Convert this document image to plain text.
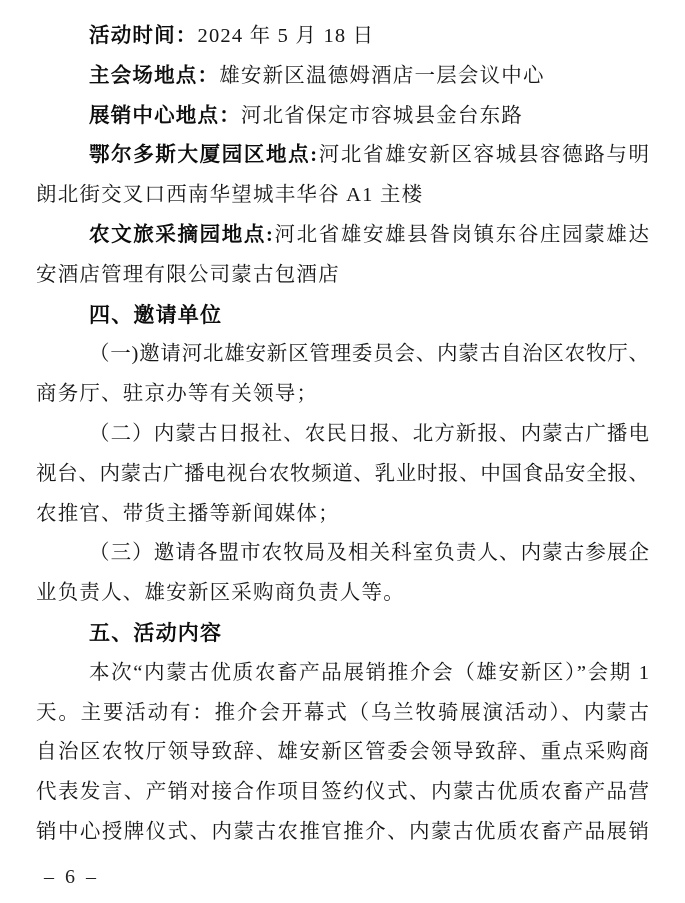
活动时间：2024 年 5 月 18 日
主会场地点：雄安新区温德姆酒店一层会议中心
展销中心地点：河北省保定市容城县金台东路
鄂尔多斯大厦园区地点:河北省雄安新区容城县容德路与明
朗北街交叉口西南华望城丰华谷 A1 主楼
农文旅采摘园地点:河北省雄安雄县昝岗镇东谷庄园蒙雄达
安酒店管理有限公司蒙古包酒店
四、邀请单位
（一)邀请河北雄安新区管理委员会、内蒙古自治区农牧厅、
商务厅、驻京办等有关领导；
（二）内蒙古日报社、农民日报、北方新报、内蒙古广播电
视台、内蒙古广播电视台农牧频道、乳业时报、中国食品安全报、
农推官、带货主播等新闻媒体；
（三）邀请各盟市农牧局及相关科室负责人、内蒙古参展企
业负责人、雄安新区采购商负责人等。
五、活动内容
本次“内蒙古优质农畜产品展销推介会（雄安新区）”会期 1
天。主要活动有：推介会开幕式（乌兰牧骑展演活动）、内蒙古
自治区农牧厅领导致辞、雄安新区管委会领导致辞、重点采购商
代表发言、产销对接合作项目签约仪式、内蒙古优质农畜产品营
销中心授牌仪式、内蒙古农推官推介、内蒙古优质农畜产品展销
– 6 –
